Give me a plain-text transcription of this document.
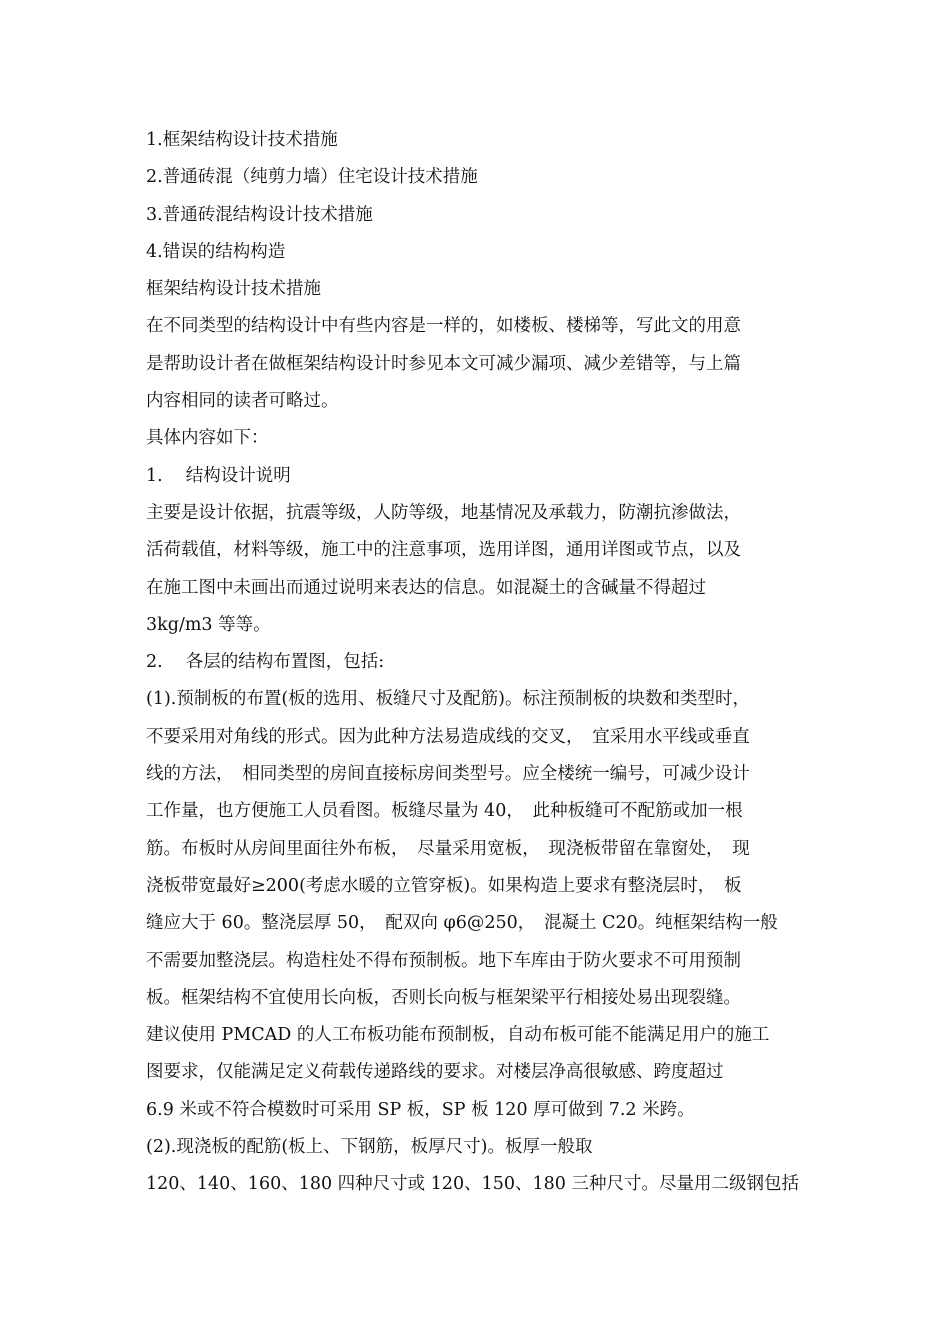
1.框架结构设计技术措施
2.普通砖混（纯剪力墙）住宅设计技术措施
3.普通砖混结构设计技术措施
4.错误的结构构造
框架结构设计技术措施
在不同类型的结构设计中有些内容是一样的，如楼板、楼梯等，写此文的用意
是帮助设计者在做框架结构设计时参见本文可减少漏项、减少差错等，与上篇
内容相同的读者可略过。
具体内容如下：
1.　 结构设计说明
主要是设计依据，抗震等级，人防等级，地基情况及承载力，防潮抗渗做法，
活荷载值，材料等级，施工中的注意事项，选用详图，通用详图或节点，以及
在施工图中未画出而通过说明来表达的信息。如混凝土的含碱量不得超过
3kg/m3 等等。
2.　 各层的结构布置图，包括:
(1).预制板的布置(板的选用、板缝尺寸及配筋)。标注预制板的块数和类型时，
不要采用对角线的形式。因为此种方法易造成线的交叉，　宜采用水平线或垂直
线的方法，　相同类型的房间直接标房间类型号。应全楼统一编号，可减少设计
工作量，也方便施工人员看图。板缝尽量为 40，　此种板缝可不配筋或加一根
筋。布板时从房间里面往外布板，　尽量采用宽板，　现浇板带留在靠窗处，　现
浇板带宽最好≥200(考虑水暖的立管穿板)。如果构造上要求有整浇层时，　板
缝应大于 60。整浇层厚 50，　配双向 φ6@250，　混凝土 C20。纯框架结构一般
不需要加整浇层。构造柱处不得布预制板。地下车库由于防火要求不可用预制
板。框架结构不宜使用长向板，否则长向板与框架梁平行相接处易出现裂缝。
建议使用 PMCAD 的人工布板功能布预制板，自动布板可能不能满足用户的施工
图要求，仅能满足定义荷载传递路线的要求。对楼层净高很敏感、跨度超过
6.9 米或不符合模数时可采用 SP 板，SP 板 120 厚可做到 7.2 米跨。
(2).现浇板的配筋(板上、下钢筋，板厚尺寸)。板厚一般取
120、140、160、180 四种尺寸或 120、150、180 三种尺寸。尽量用二级钢包括
